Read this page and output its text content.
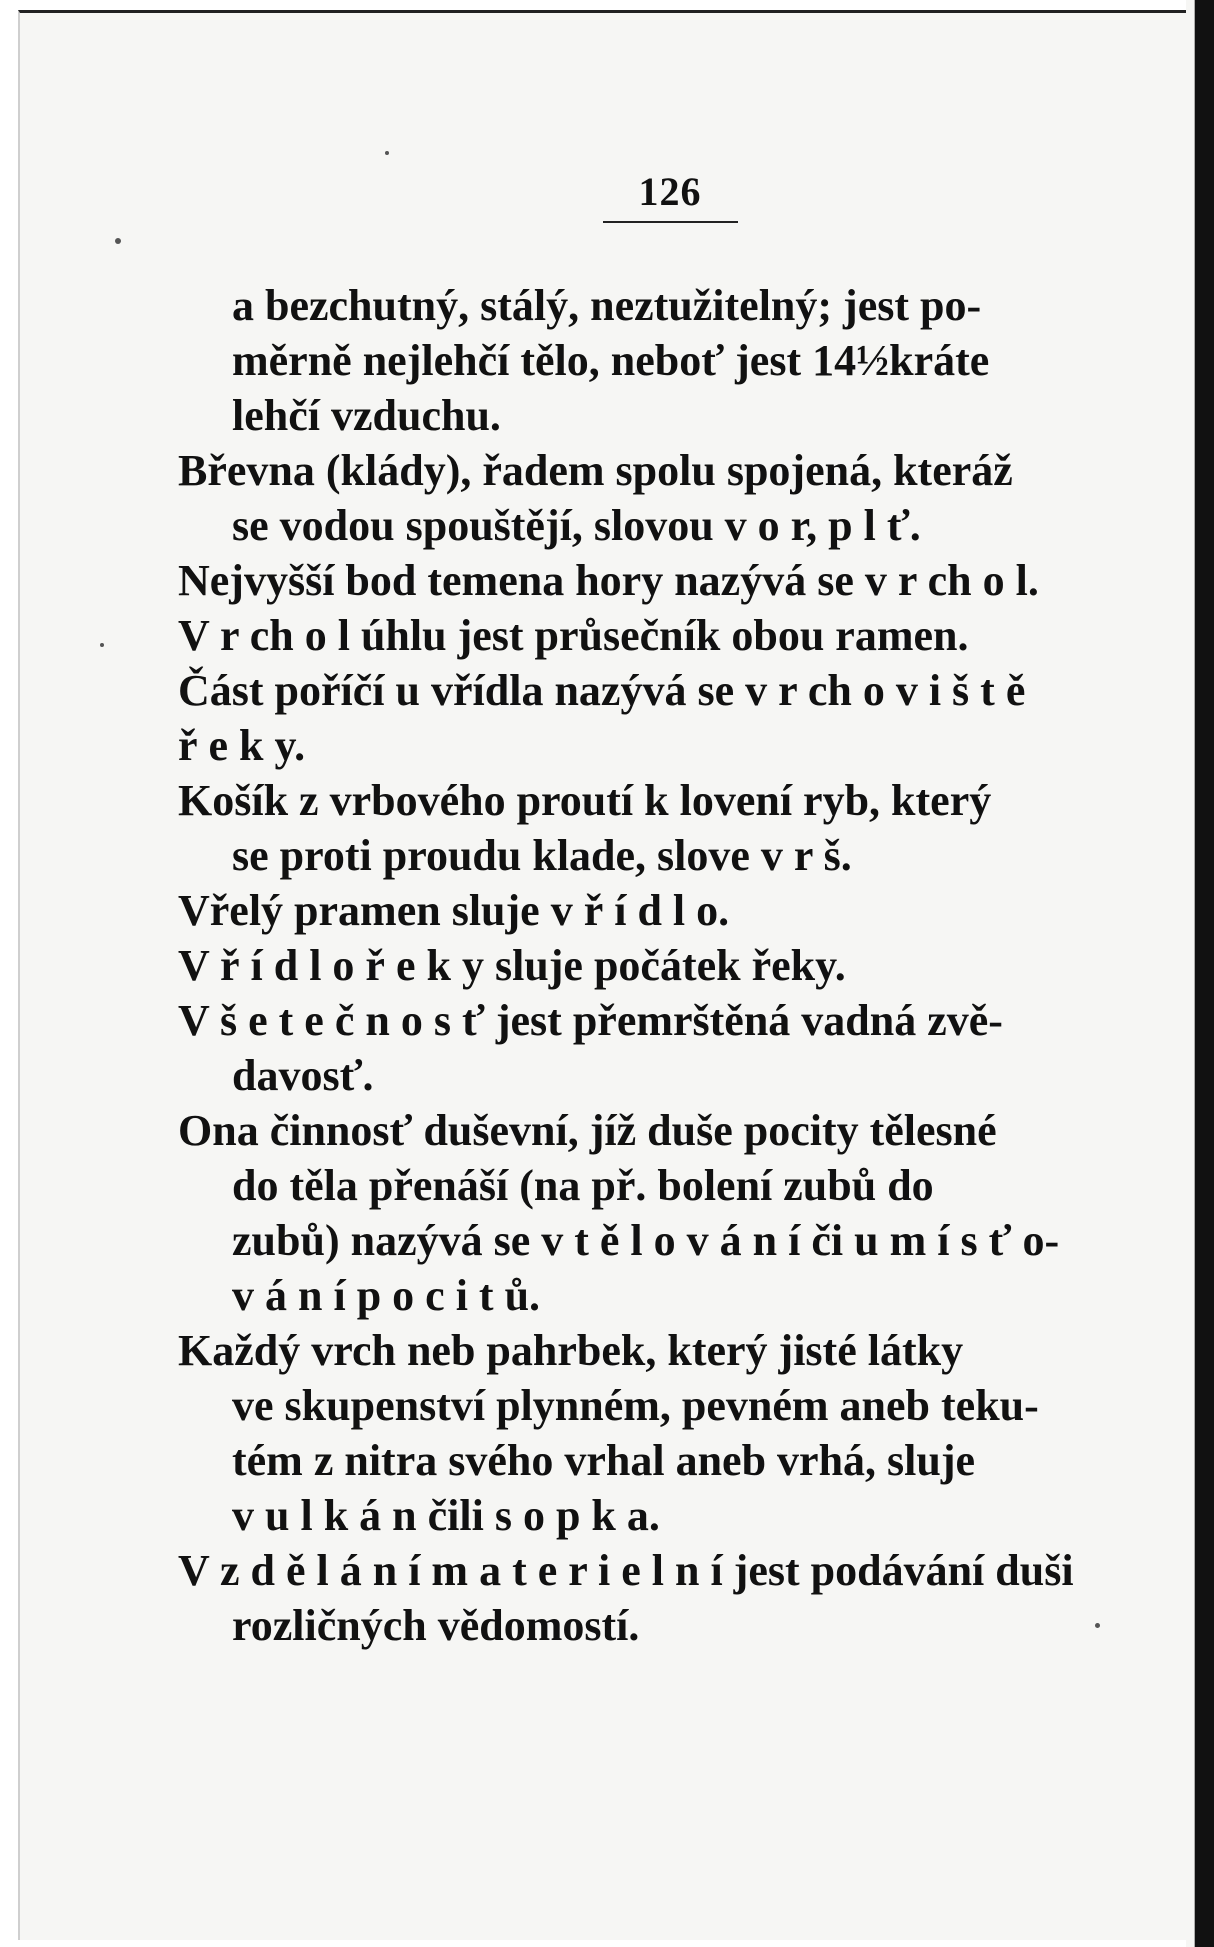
126
a bezchutný, stálý, neztužitelný; jest po-
měrně nejlehčí tělo, neboť jest 14½kráte
lehčí vzduchu.
Břevna (klády), řadem spolu spojená, kteráž
se vodou spouštějí, slovou v o r, p l ť.
Nejvyšší bod temena hory nazývá se v r ch o l.
V r ch o l úhlu jest průsečník obou ramen.
Část poříčí u vřídla nazývá se v r ch o v i š t ě
ř e k y.
Košík z vrbového proutí k lovení ryb, který
se proti proudu klade, slove v r š.
Vřelý pramen sluje v ř í d l o.
V ř í d l o ř e k y sluje počátek řeky.
V š e t e č n o s ť jest přemrštěná vadná zvě-
davosť.
Ona činnosť duševní, jíž duše pocity tělesné
do těla přenáší (na př. bolení zubů do
zubů) nazývá se v t ě l o v á n í či u m í s ť o-
v á n í p o c i t ů.
Každý vrch neb pahrbek, který jisté látky
ve skupenství plynném, pevném aneb teku-
tém z nitra svého vrhal aneb vrhá, sluje
v u l k á n čili s o p k a.
V z d ě l á n í m a t e r i e l n í jest podávání duši
rozličných vědomostí.
